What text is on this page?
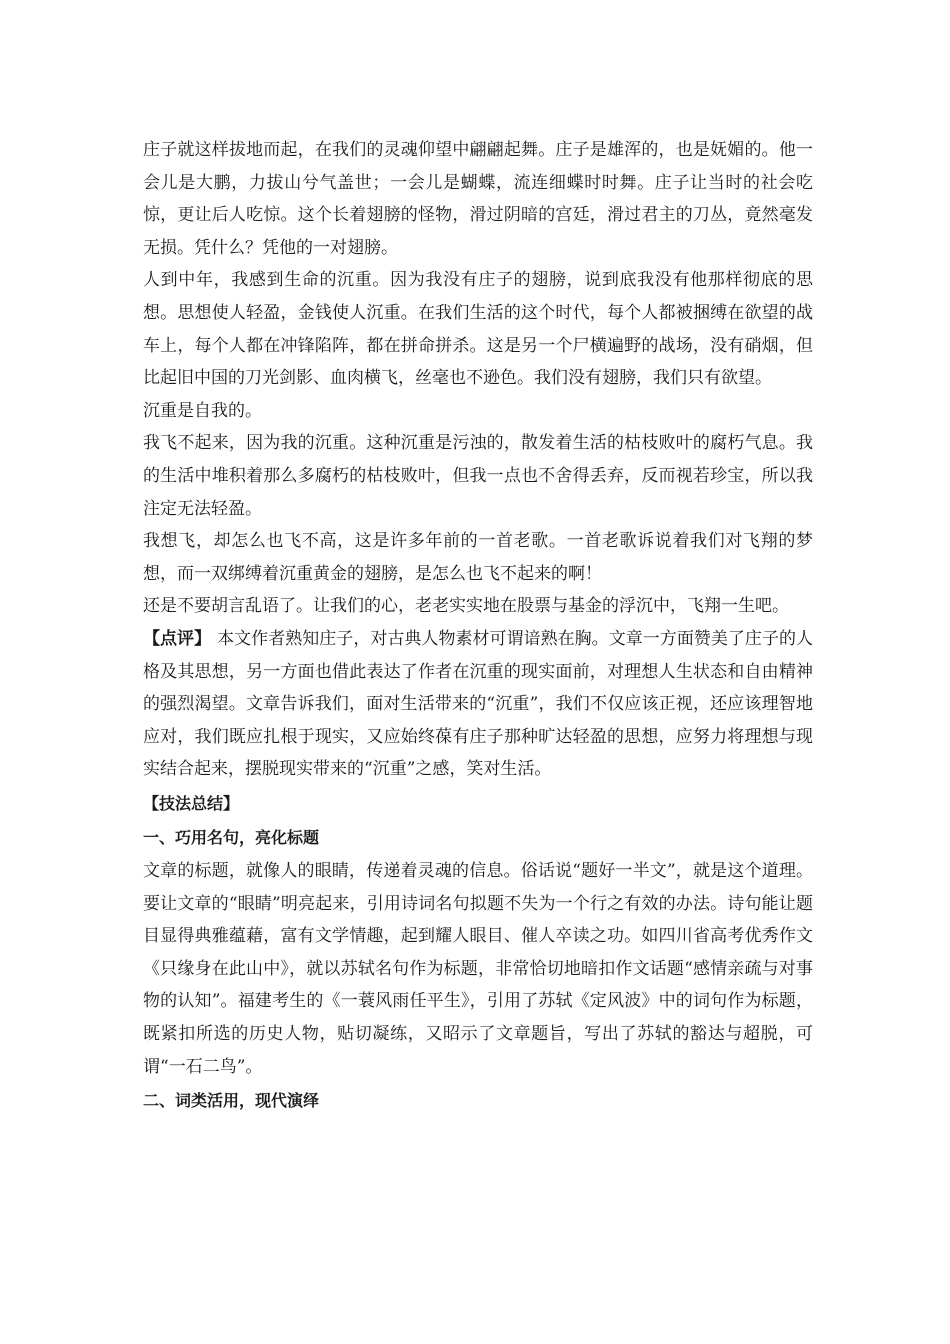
庄子就这样拔地而起，在我们的灵魂仰望中翩翩起舞。庄子是雄浑的，也是妩媚的。他一会儿是大鹏，力拔山兮气盖世；一会儿是蝴蝶，流连细蝶时时舞。庄子让当时的社会吃惊，更让后人吃惊。这个长着翅膀的怪物，滑过阴暗的宫廷，滑过君主的刀丛，竟然毫发无损。凭什么？凭他的一对翅膀。

人到中年，我感到生命的沉重。因为我没有庄子的翅膀，说到底我没有他那样彻底的思想。思想使人轻盈，金钱使人沉重。在我们生活的这个时代，每个人都被捆缚在欲望的战车上，每个人都在冲锋陷阵，都在拼命拼杀。这是另一个尸横遍野的战场，没有硝烟，但比起旧中国的刀光剑影、血肉横飞，丝毫也不逊色。我们没有翅膀，我们只有欲望。

沉重是自我的。

我飞不起来，因为我的沉重。这种沉重是污浊的，散发着生活的枯枝败叶的腐朽气息。我的生活中堆积着那么多腐朽的枯枝败叶，但我一点也不舍得丢弃，反而视若珍宝，所以我注定无法轻盈。

我想飞，却怎么也飞不高，这是许多年前的一首老歌。一首老歌诉说着我们对飞翔的梦想，而一双绑缚着沉重黄金的翅膀，是怎么也飞不起来的啊！

还是不要胡言乱语了。让我们的心，老老实实地在股票与基金的浮沉中，飞翔一生吧。

【点评】 本文作者熟知庄子，对古典人物素材可谓谙熟在胸。文章一方面赞美了庄子的人格及其思想，另一方面也借此表达了作者在沉重的现实面前，对理想人生状态和自由精神的强烈渴望。文章告诉我们，面对生活带来的“沉重”，我们不仅应该正视，还应该理智地应对，我们既应扎根于现实，又应始终葆有庄子那种旷达轻盈的思想，应努力将理想与现实结合起来，摆脱现实带来的“沉重”之感，笑对生活。

【技法总结】

一、巧用名句，亮化标题

文章的标题，就像人的眼睛，传递着灵魂的信息。俗话说“题好一半文”，就是这个道理。要让文章的“眼睛”明亮起来，引用诗词名句拟题不失为一个行之有效的办法。诗句能让题目显得典雅蕴藉，富有文学情趣，起到耀人眼目、催人卒读之功。如四川省高考优秀作文《只缘身在此山中》，就以苏轼名句作为标题，非常恰切地暗扣作文话题“感情亲疏与对事物的认知”。福建考生的《一蓑风雨任平生》，引用了苏轼《定风波》中的词句作为标题，既紧扣所选的历史人物，贴切凝练，又昭示了文章题旨，写出了苏轼的豁达与超脱，可谓“一石二鸟”。

二、词类活用，现代演绎
